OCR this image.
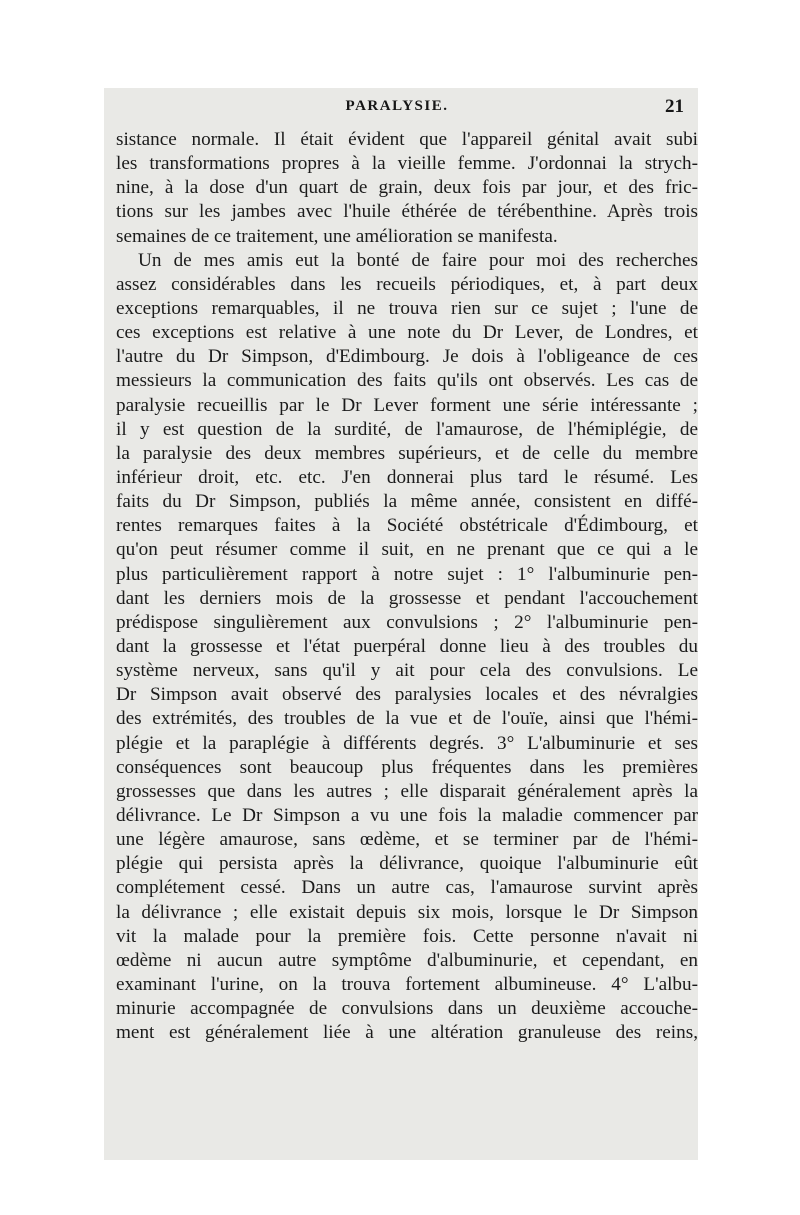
PARALYSIE.	21
sistance normale. Il était évident que l'appareil génital avait subi
les transformations propres à la vieille femme. J'ordonnai la strych-
nine, à la dose d'un quart de grain, deux fois par jour, et des fric-
tions sur les jambes avec l'huile éthérée de térébenthine. Après trois
semaines de ce traitement, une amélioration se manifesta.
Un de mes amis eut la bonté de faire pour moi des recherches
assez considérables dans les recueils périodiques, et, à part deux
exceptions remarquables, il ne trouva rien sur ce sujet ; l'une de
ces exceptions est relative à une note du Dr Lever, de Londres, et
l'autre du Dr Simpson, d'Edimbourg. Je dois à l'obligeance de ces
messieurs la communication des faits qu'ils ont observés. Les cas de
paralysie recueillis par le Dr Lever forment une série intéressante ;
il y est question de la surdité, de l'amaurose, de l'hémiplégie, de
la paralysie des deux membres supérieurs, et de celle du membre
inférieur droit, etc. etc. J'en donnerai plus tard le résumé. Les
faits du Dr Simpson, publiés la même année, consistent en diffé-
rentes remarques faites à la Société obstétricale d'Édimbourg, et
qu'on peut résumer comme il suit, en ne prenant que ce qui a le
plus particulièrement rapport à notre sujet : 1° l'albuminurie pen-
dant les derniers mois de la grossesse et pendant l'accouchement
prédispose singulièrement aux convulsions ; 2° l'albuminurie pen-
dant la grossesse et l'état puerpéral donne lieu à des troubles du
système nerveux, sans qu'il y ait pour cela des convulsions. Le
Dr Simpson avait observé des paralysies locales et des névralgies
des extrémités, des troubles de la vue et de l'ouïe, ainsi que l'hémi-
plégie et la paraplégie à différents degrés. 3° L'albuminurie et ses
conséquences sont beaucoup plus fréquentes dans les premières
grossesses que dans les autres ; elle disparait généralement après la
délivrance. Le Dr Simpson a vu une fois la maladie commencer par
une légère amaurose, sans œdème, et se terminer par de l'hémi-
plégie qui persista après la délivrance, quoique l'albuminurie eût
complétement cessé. Dans un autre cas, l'amaurose survint après
la délivrance ; elle existait depuis six mois, lorsque le Dr Simpson
vit la malade pour la première fois. Cette personne n'avait ni
œdème ni aucun autre symptôme d'albuminurie, et cependant, en
examinant l'urine, on la trouva fortement albumineuse. 4° L'albu-
minurie accompagnée de convulsions dans un deuxième accouche-
ment est généralement liée à une altération granuleuse des reins,
